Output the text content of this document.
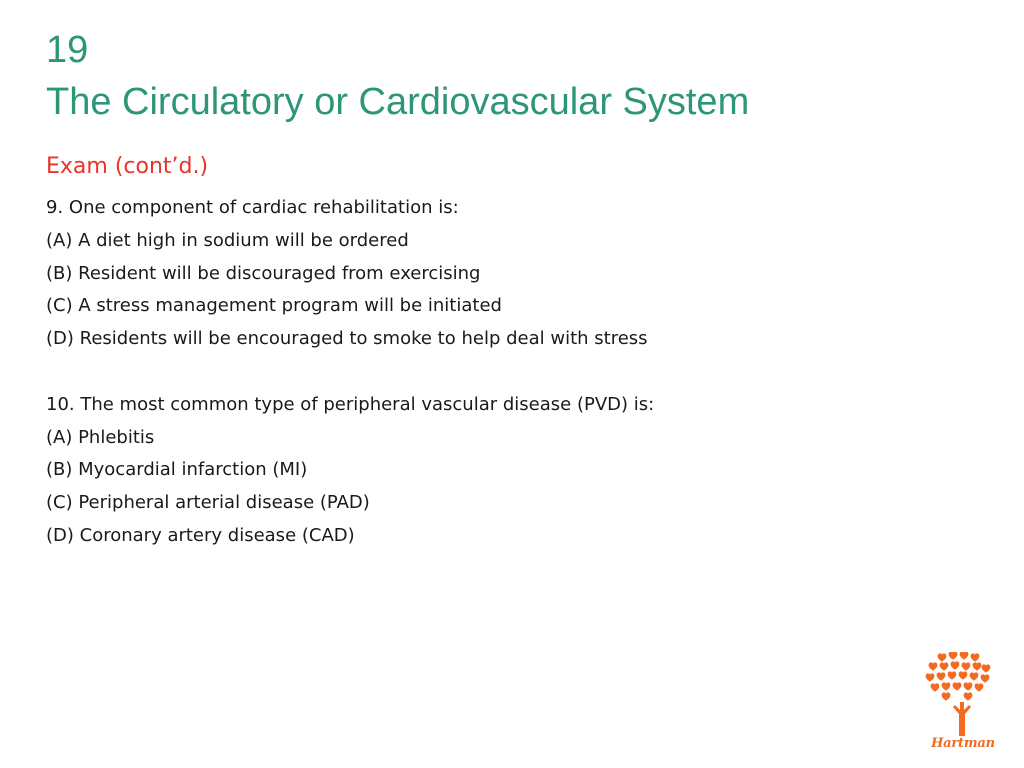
19
The Circulatory or Cardiovascular System
Exam (cont’d.)
9. One component of cardiac rehabilitation is:
(A) A diet high in sodium will be ordered
(B) Resident will be discouraged from exercising
(C) A stress management program will be initiated
(D) Residents will be encouraged to smoke to help deal with stress
10. The most common type of peripheral vascular disease (PVD) is:
(A) Phlebitis
(B) Myocardial infarction (MI)
(C) Peripheral arterial disease (PAD)
(D) Coronary artery disease (CAD)
Hartman
